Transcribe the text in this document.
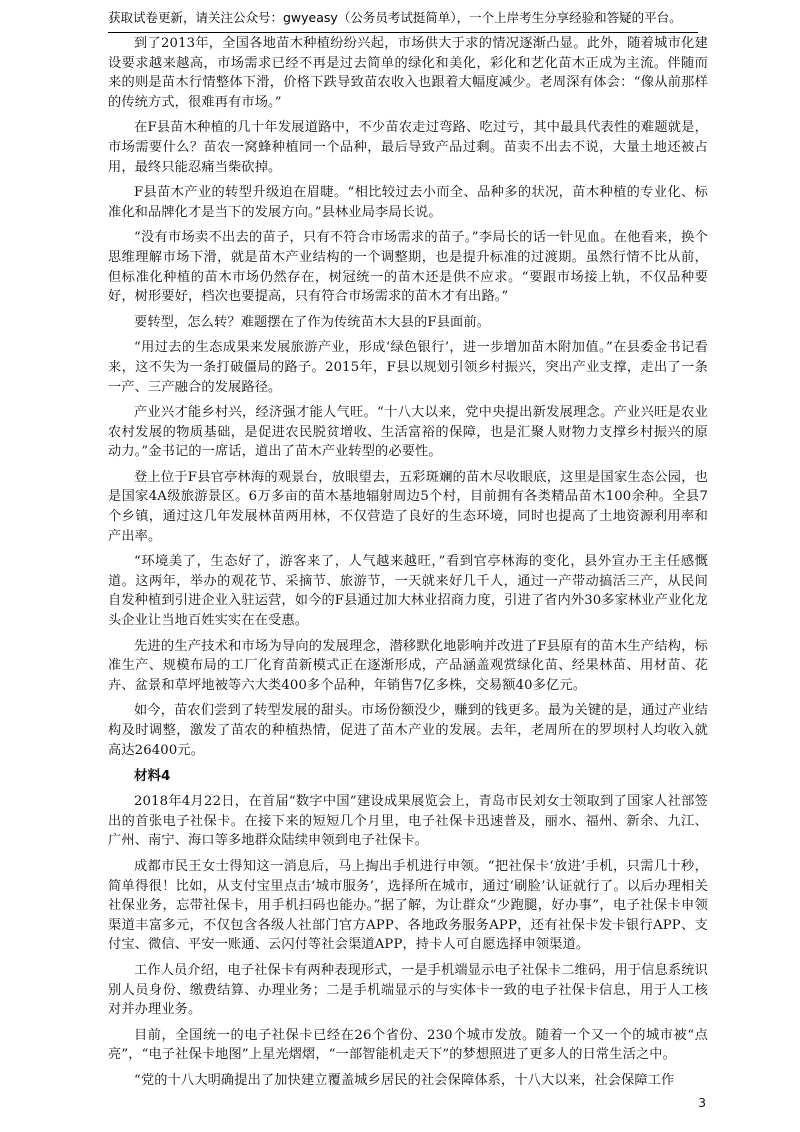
获取试卷更新，请关注公众号：gwyeasy（公务员考试挺简单），一个上岸考生分享经验和答疑的平台。

到了2013年，全国各地苗木种植纷纷兴起，市场供大于求的情况逐渐凸显。此外，随着城市化建设要求越来越高，市场需求已经不再是过去简单的绿化和美化，彩化和艺化苗木正成为主流。伴随而来的则是苗木行情整体下滑，价格下跌导致苗农收入也跟着大幅度减少。老周深有体会：“像从前那样的传统方式，很难再有市场。”

在F县苗木种植的几十年发展道路中，不少苗农走过弯路、吃过亏，其中最具代表性的难题就是，市场需要什么？苗农一窝蜂种植同一个品种，最后导致产品过剩。苗卖不出去不说，大量土地还被占用，最终只能忍痛当柴砍掉。

F县苗木产业的转型升级迫在眉睫。“相比较过去小而全、品种多的状况，苗木种植的专业化、标准化和品牌化才是当下的发展方向。”县林业局李局长说。

“没有市场卖不出去的苗子，只有不符合市场需求的苗子。”李局长的话一针见血。在他看来，换个思维理解市场下滑，就是苗木产业结构的一个调整期，也是提升标准的过渡期。虽然行情不比从前，但标准化种植的苗木市场仍然存在，树冠统一的苗木还是供不应求。“要跟市场接上轨，不仅品种要好，树形要好，档次也要提高，只有符合市场需求的苗木才有出路。”

要转型，怎么转？难题摆在了作为传统苗木大县的F县面前。

“用过去的生态成果来发展旅游产业，形成‘绿色银行’，进一步增加苗木附加值。”在县委金书记看来，这不失为一条打破僵局的路子。2015年，F县以规划引领乡村振兴，突出产业支撑，走出了一条一产、三产融合的发展路径。

产业兴才能乡村兴，经济强才能人气旺。“十八大以来，党中央提出新发展理念。产业兴旺是农业农村发展的物质基础，是促进农民脱贫增收、生活富裕的保障，也是汇聚人财物力支撑乡村振兴的原动力。”金书记的一席话，道出了苗木产业转型的必要性。

登上位于F县官亭林海的观景台，放眼望去，五彩斑斓的苗木尽收眼底，这里是国家生态公园，也是国家4A级旅游景区。6万多亩的苗木基地辐射周边5个村，目前拥有各类精品苗木100余种。全县7个乡镇，通过这几年发展林苗两用林，不仅营造了良好的生态环境，同时也提高了土地资源利用率和产出率。

“环境美了，生态好了，游客来了，人气越来越旺，”看到官亭林海的变化，县外宣办王主任感慨道。这两年，举办的观花节、采摘节、旅游节，一天就来好几千人，通过一产带动搞活三产，从民间自发种植到引进企业入驻运营，如今的F县通过加大林业招商力度，引进了省内外30多家林业产业化龙头企业让当地百姓实实在在受惠。

先进的生产技术和市场为导向的发展理念，潜移默化地影响并改进了F县原有的苗木生产结构，标准生产、规模布局的工厂化育苗新模式正在逐渐形成，产品涵盖观赏绿化苗、经果林苗、用材苗、花卉、盆景和草坪地被等六大类400多个品种，年销售7亿多株，交易额40多亿元。

如今，苗农们尝到了转型发展的甜头。市场份额没少，赚到的钱更多。最为关键的是，通过产业结构及时调整，激发了苗农的种植热情，促进了苗木产业的发展。去年，老周所在的罗坝村人均收入就高达26400元。

材料4

2018年4月22日，在首届“数字中国”建设成果展览会上，青岛市民刘女士领取到了国家人社部签出的首张电子社保卡。在接下来的短短几个月里，电子社保卡迅速普及，丽水、福州、新余、九江、广州、南宁、海口等多地群众陆续申领到电子社保卡。

成都市民王女士得知这一消息后，马上掏出手机进行申领。“把社保卡‘放进’手机，只需几十秒，简单得很！比如，从支付宝里点击‘城市服务’，选择所在城市，通过‘刷脸’认证就行了。以后办理相关社保业务，忘带社保卡，用手机扫码也能办。”据了解，为让群众“少跑腿，好办事”，电子社保卡申领渠道丰富多元，不仅包含各级人社部门官方APP、各地政务服务APP，还有社保卡发卡银行APP、支付宝、微信、平安一账通、云闪付等社会渠道APP，持卡人可自愿选择申领渠道。

工作人员介绍，电子社保卡有两种表现形式，一是手机端显示电子社保卡二维码，用于信息系统识别人员身份、缴费结算、办理业务；二是手机端显示的与实体卡一致的电子社保卡信息，用于人工核对并办理业务。

目前，全国统一的电子社保卡已经在26个省份、230个城市发放。随着一个又一个的城市被“点亮”，“电子社保卡地图”上星光熠熠，“一部智能机走天下”的梦想照进了更多人的日常生活之中。

“党的十八大明确提出了加快建立覆盖城乡居民的社会保障体系，十八大以来，社会保障工作

3
